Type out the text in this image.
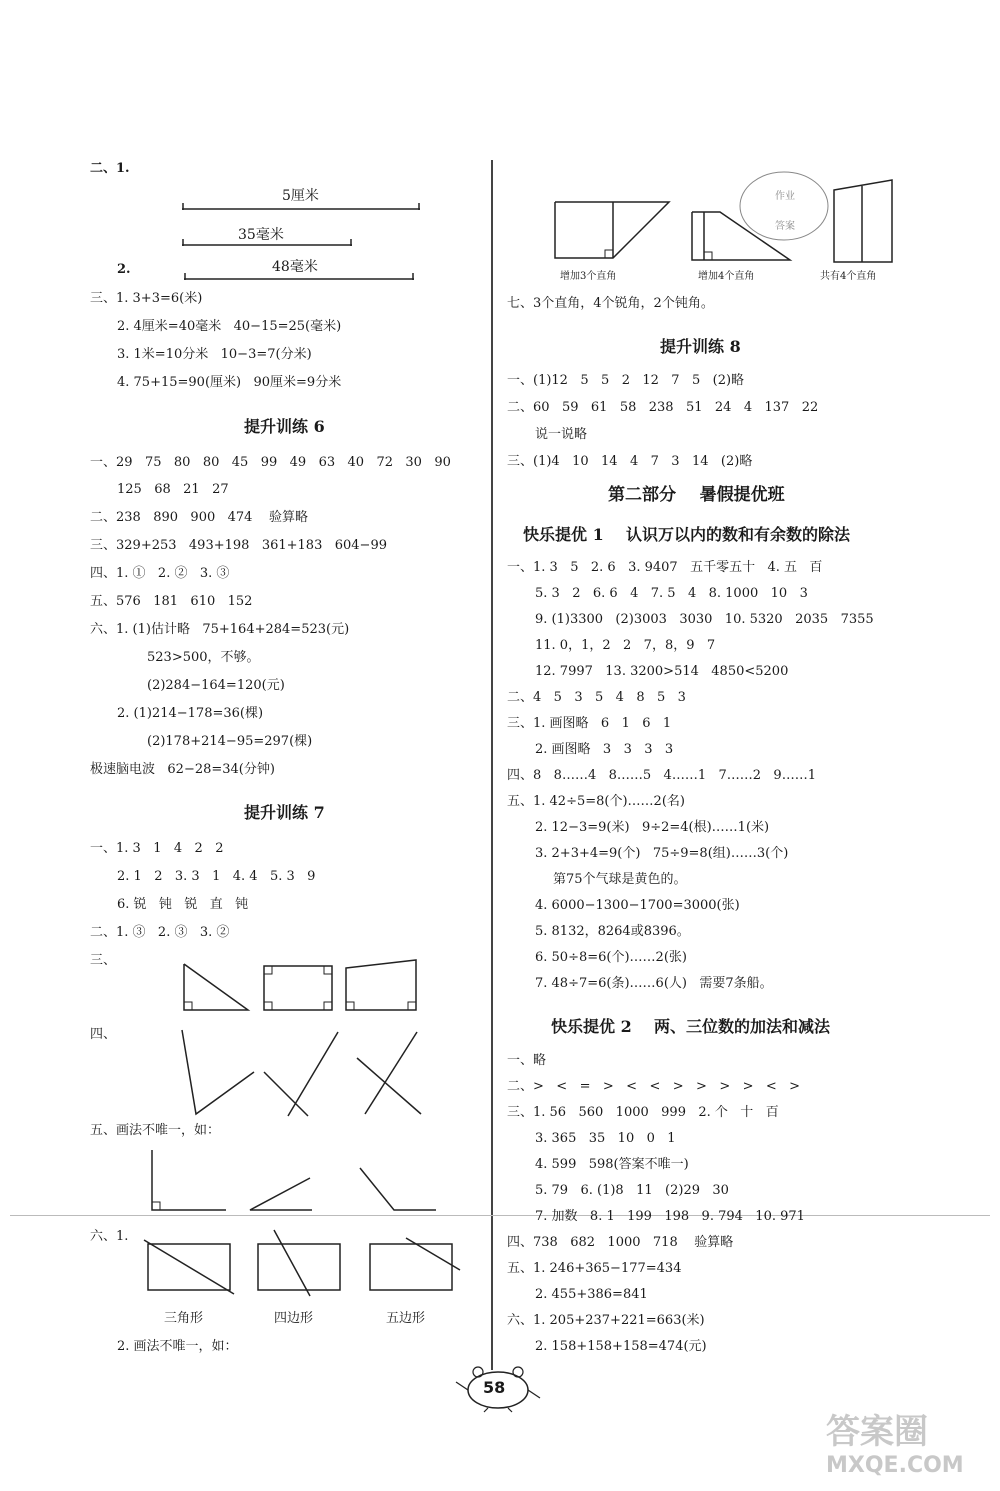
二、1.
5厘米
35毫米
2.	48毫米
三、1. 3+3=6(米)
2. 4厘米=40毫米   40−15=25(毫米)
3. 1米=10分米   10−3=7(分米)
4. 75+15=90(厘米)   90厘米=9分米
提升训练 6
一、29   75   80   80   45   99   49   63   40   72   30   90
125   68   21   27
二、238   890   900   474    验算略
三、329+253   493+198   361+183   604−99
四、1. ①   2. ②   3. ③
五、576   181   610   152
六、1. (1)估计略   75+164+284=523(元)
523>500，不够。
(2)284−164=120(元)
2. (1)214−178=36(棵)
(2)178+214−95=297(棵)
极速脑电波   62−28=34(分钟)
提升训练 7
一、1. 3   1   4   2   2
2. 1   2   3. 3   1   4. 4   5. 3   9
6. 锐   钝   锐   直   钝
二、1. ③   2. ③   3. ②
三、
四、
五、画法不唯一，如：
六、1.
三角形	四边形	五边形
2. 画法不唯一，如：
增加3个直角	增加4个直角
作业
答案
共有4个直角
七、3个直角，4个锐角，2个钝角。
提升训练 8
一、(1)12   5   5   2   12   7   5   (2)略
二、60   59   61   58   238   51   24   4   137   22
说一说略
三、(1)4   10   14   4   7   3   14   (2)略
第二部分    暑假提优班
快乐提优 1    认识万以内的数和有余数的除法
一、1. 3   5   2. 6   3. 9407   五千零五十   4. 五   百
5. 3   2   6. 6   4   7. 5   4   8. 1000   10   3
9. (1)3300   (2)3003   3030   10. 5320   2035   7355
11. 0，1，2   2   7，8，9   7
12. 7997   13. 3200>514   4850<5200
二、4   5   3   5   4   8   5   3
三、1. 画图略   6   1   6   1
2. 画图略   3   3   3   3
四、8   8……4   8……5   4……1   7……2   9……1
五、1. 42÷5=8(个)……2(名)
2. 12−3=9(米)   9÷2=4(根)……1(米)
3. 2+3+4=9(个)   75÷9=8(组)……3(个)
第75个气球是黄色的。
4. 6000−1300−1700=3000(张)
5. 8132，8264或8396。
6. 50÷8=6(个)……2(张)
7. 48÷7=6(条)……6(人)   需要7条船。
快乐提优 2    两、三位数的加法和减法
一、略
二、>   <   =   >   <   <   >   >   >   >   <   >
三、1. 56   560   1000   999   2. 个   十   百
3. 365   35   10   0   1
4. 599   598(答案不唯一)
5. 79   6. (1)8   11   (2)29   30
7. 加数   8. 1   199   198   9. 794   10. 971
四、738   682   1000   718    验算略
五、1. 246+365−177=434
2. 455+386=841
六、1. 205+237+221=663(米)
2. 158+158+158=474(元)
58
答案圈
MXQE.COM
